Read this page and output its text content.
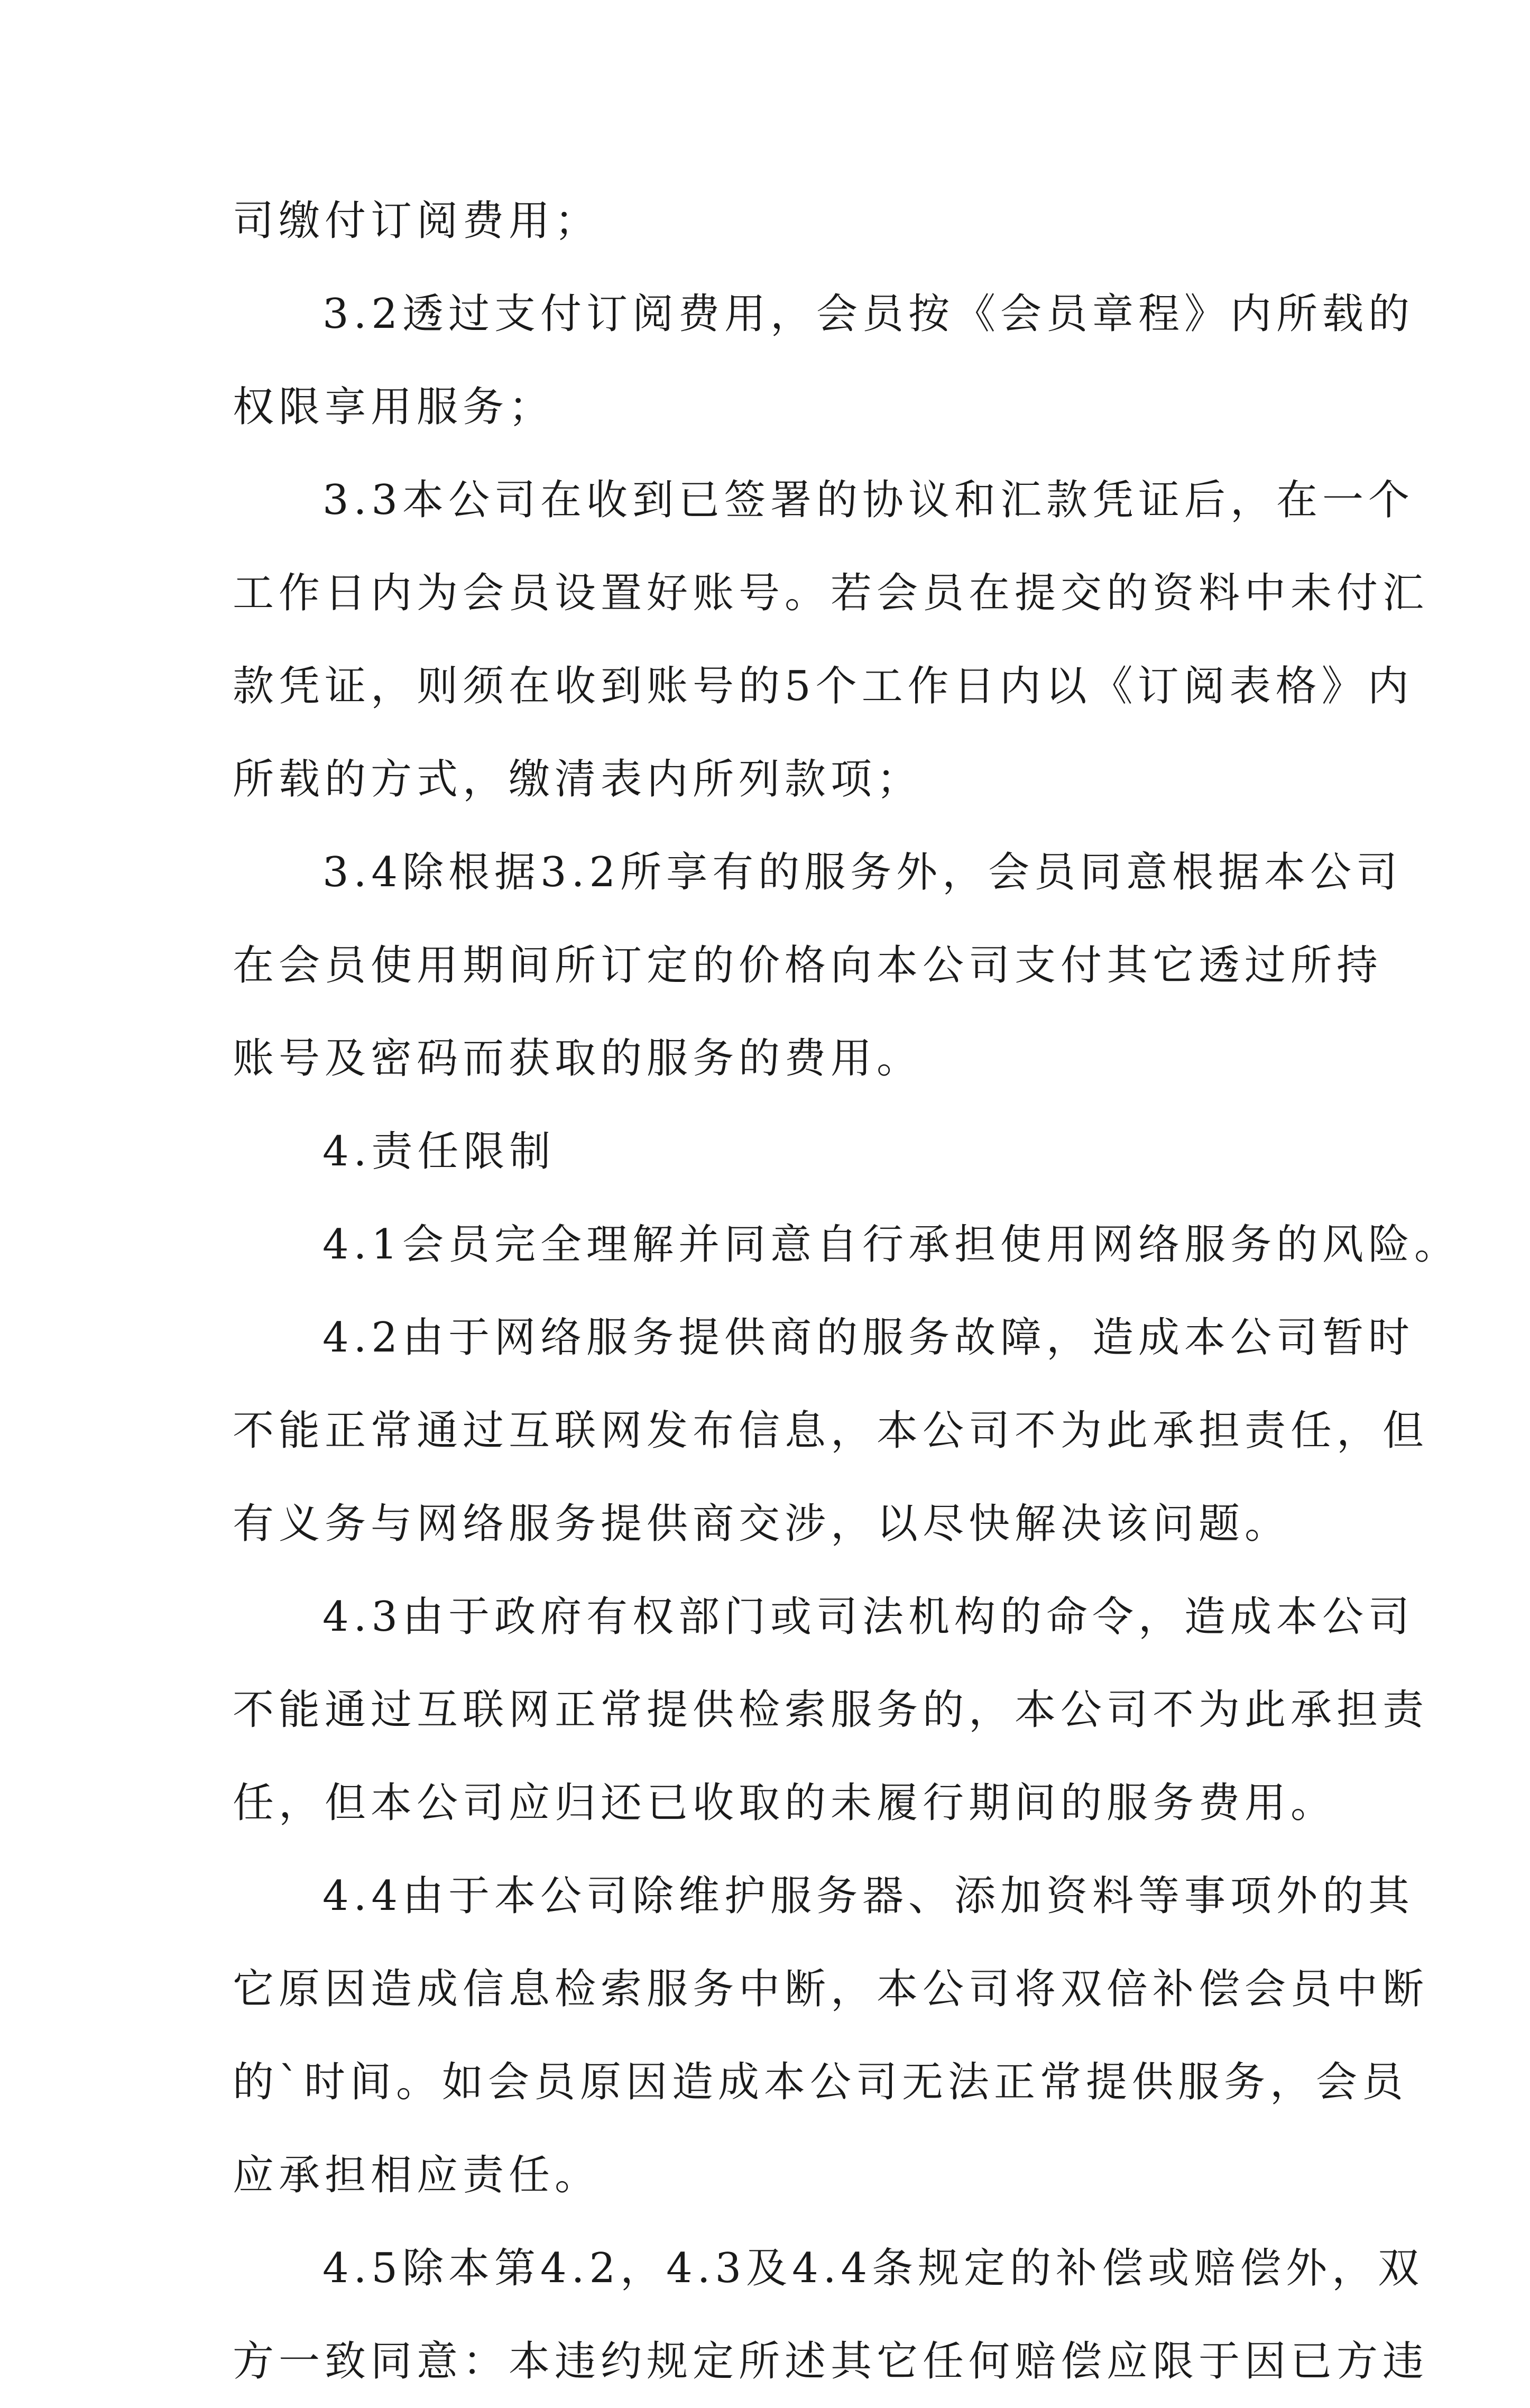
司缴付订阅费用；
3.2透过支付订阅费用，会员按《会员章程》内所载的
权限享用服务；
3.3本公司在收到已签署的协议和汇款凭证后，在一个
工作日内为会员设置好账号。若会员在提交的资料中未付汇
款凭证，则须在收到账号的5个工作日内以《订阅表格》内
所载的方式，缴清表内所列款项；
3.4除根据3.2所享有的服务外，会员同意根据本公司
在会员使用期间所订定的价格向本公司支付其它透过所持
账号及密码而获取的服务的费用。
4.责任限制
4.1会员完全理解并同意自行承担使用网络服务的风险。
4.2由于网络服务提供商的服务故障，造成本公司暂时
不能正常通过互联网发布信息，本公司不为此承担责任，但
有义务与网络服务提供商交涉，以尽快解决该问题。
4.3由于政府有权部门或司法机构的命令，造成本公司
不能通过互联网正常提供检索服务的，本公司不为此承担责
任，但本公司应归还已收取的未履行期间的服务费用。
4.4由于本公司除维护服务器、添加资料等事项外的其
它原因造成信息检索服务中断，本公司将双倍补偿会员中断
的`时间。如会员原因造成本公司无法正常提供服务，会员
应承担相应责任。
4.5除本第4.2，4.3及4.4条规定的补偿或赔偿外，双
方一致同意：本违约规定所述其它任何赔偿应限于因已方违
